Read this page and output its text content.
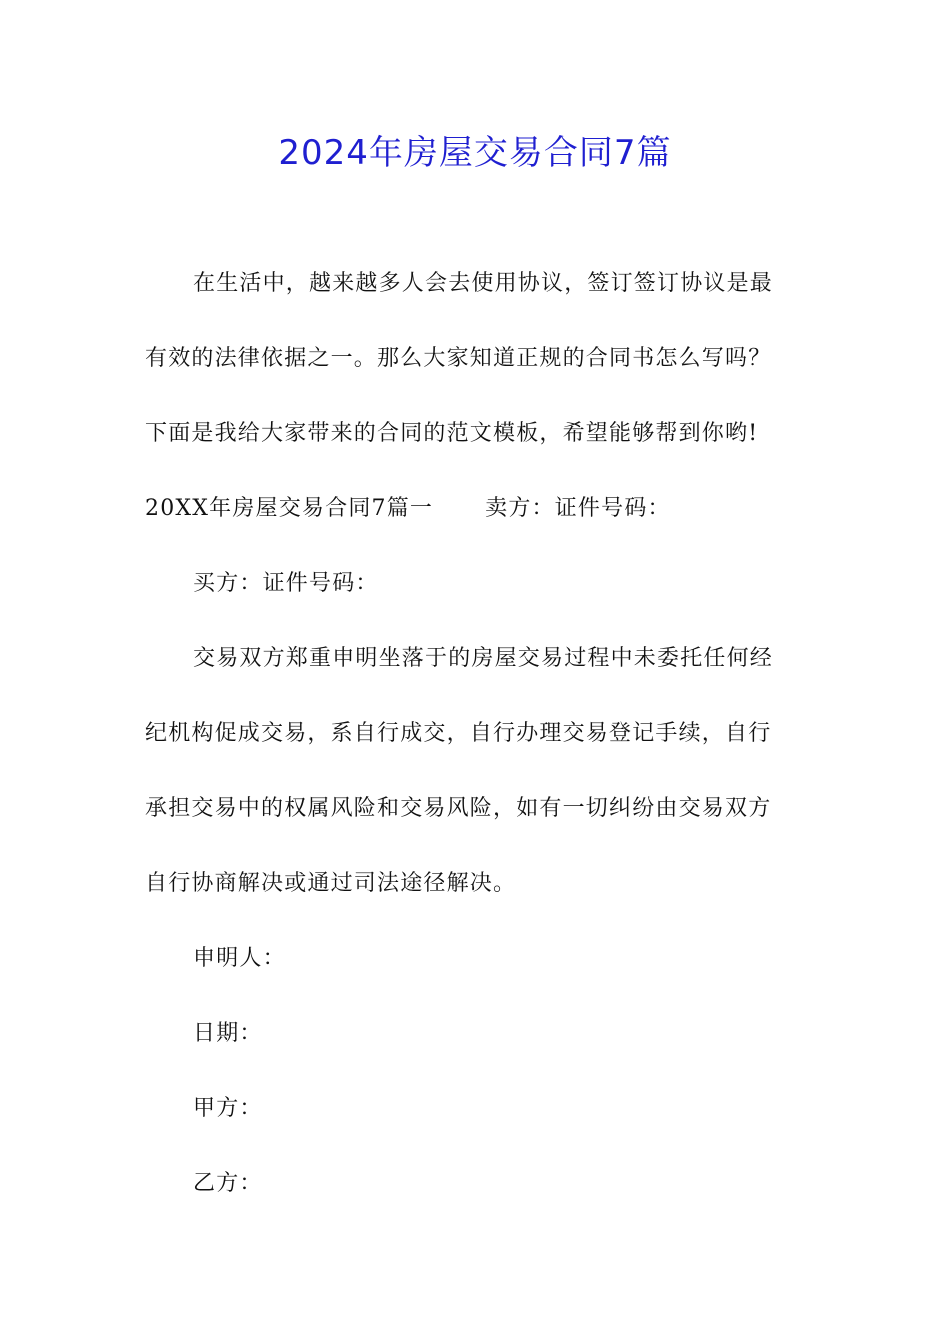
2024年房屋交易合同7篇
在生活中，越来越多人会去使用协议，签订签订协议是最
有效的法律依据之一。那么大家知道正规的合同书怎么写吗？
下面是我给大家带来的合同的范文模板，希望能够帮到你哟!
20XX年房屋交易合同7篇一 卖方：证件号码：
买方：证件号码：
交易双方郑重申明坐落于的房屋交易过程中未委托任何经
纪机构促成交易，系自行成交，自行办理交易登记手续，自行
承担交易中的权属风险和交易风险，如有一切纠纷由交易双方
自行协商解决或通过司法途径解决。
申明人：
日期：
甲方：
乙方：
